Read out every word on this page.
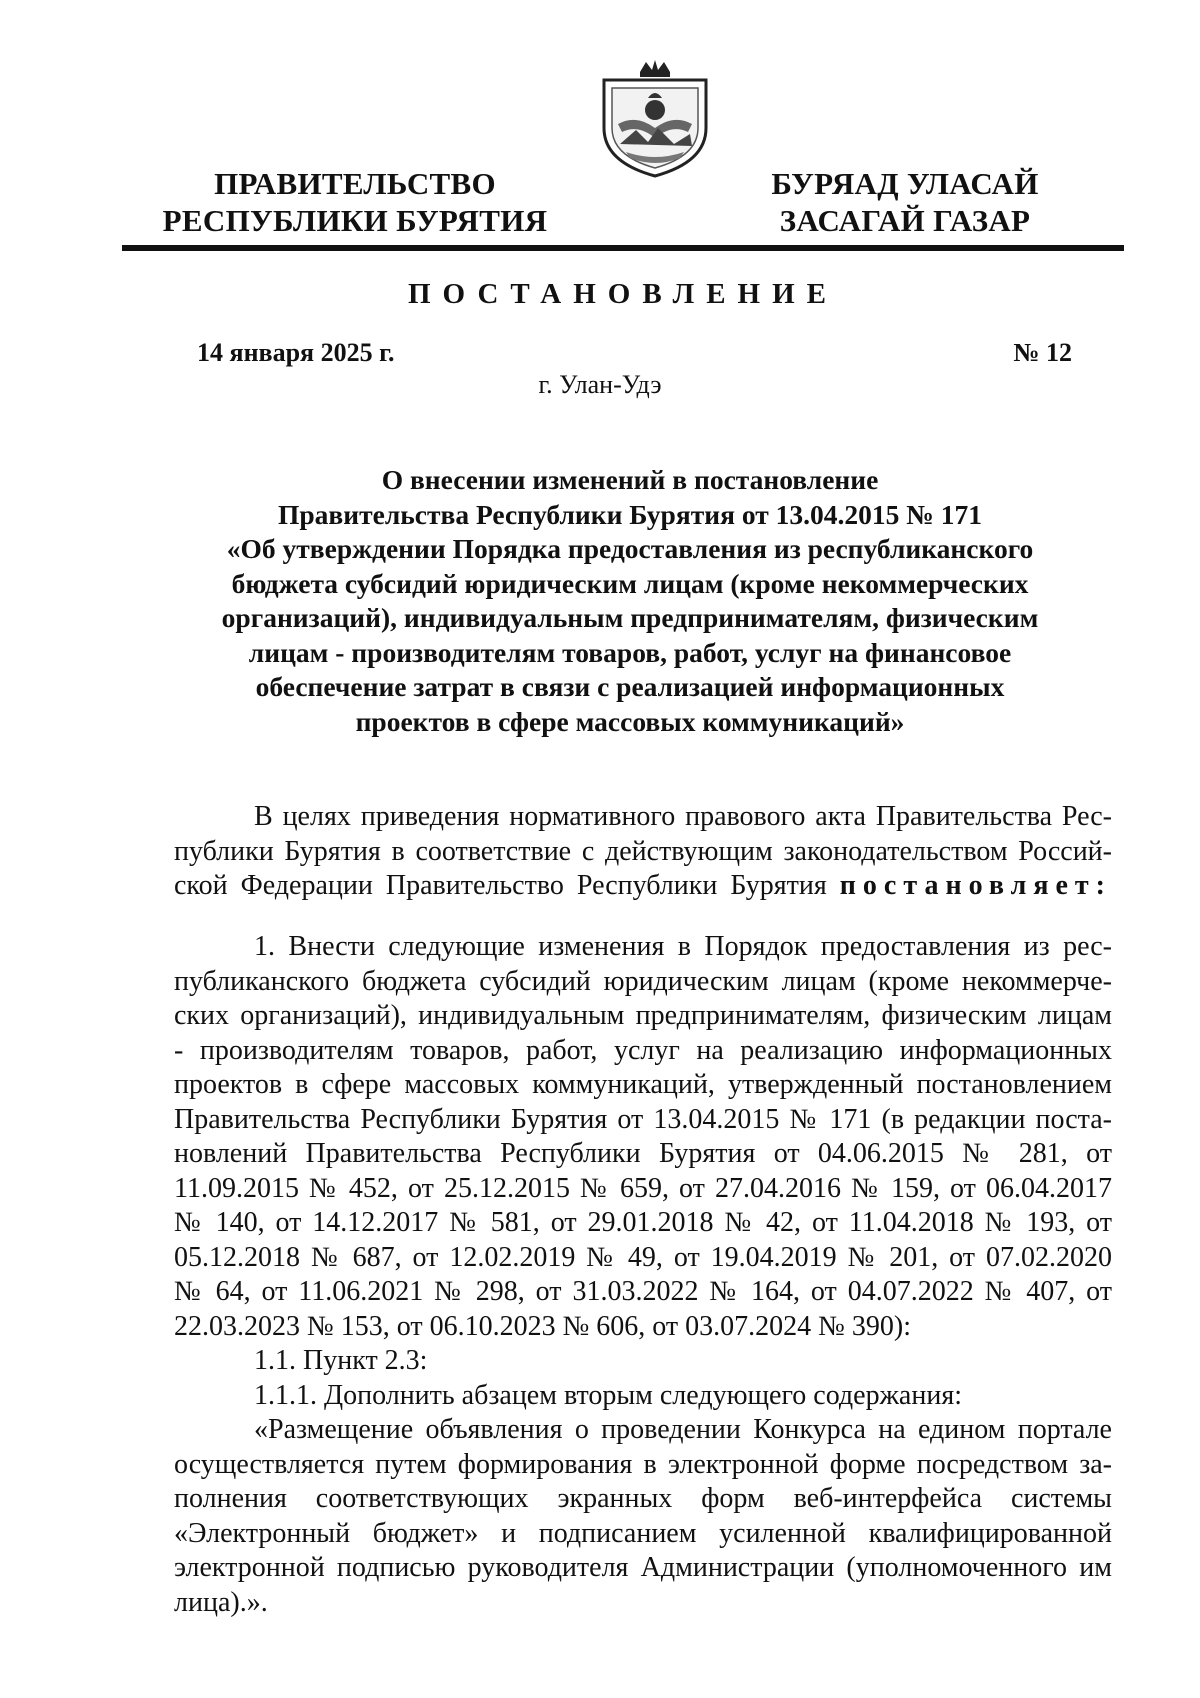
ПРАВИТЕЛЬСТВО
РЕСПУБЛИКИ БУРЯТИЯ
БУРЯАД УЛАСАЙ
ЗАСАГАЙ ГАЗАР
ПОСТАНОВЛЕНИЕ
14 января 2025 г.	№ 12
г. Улан-Удэ
О внесении изменений в постановление
Правительства Республики Бурятия от 13.04.2015 № 171
«Об утверждении Порядка предоставления из республиканского
бюджета субсидий юридическим лицам (кроме некоммерческих
организаций), индивидуальным предпринимателям, физическим
лицам - производителям товаров, работ, услуг на финансовое
обеспечение затрат в связи с реализацией информационных
проектов в сфере массовых коммуникаций»
В целях приведения нормативного правового акта Правительства Рес-
публики Бурятия в соответствие с действующим законодательством Россий-
ской Федерации Правительство Республики Бурятия постановляет:
1. Внести следующие изменения в Порядок предоставления из рес-
публиканского бюджета субсидий юридическим лицам (кроме некоммерче-
ских организаций), индивидуальным предпринимателям, физическим лицам
- производителям товаров, работ, услуг на реализацию информационных
проектов в сфере массовых коммуникаций, утвержденный постановлением
Правительства Республики Бурятия от 13.04.2015 № 171 (в редакции поста-
новлений Правительства Республики Бурятия от 04.06.2015 № 281, от
11.09.2015 № 452, от 25.12.2015 № 659, от 27.04.2016 № 159, от 06.04.2017
№ 140, от 14.12.2017 № 581, от 29.01.2018 № 42, от 11.04.2018 № 193, от
05.12.2018 № 687, от 12.02.2019 № 49, от 19.04.2019 № 201, от 07.02.2020
№ 64, от 11.06.2021 № 298, от 31.03.2022 № 164, от 04.07.2022 № 407, от
22.03.2023 № 153, от 06.10.2023 № 606, от 03.07.2024 № 390):
1.1. Пункт 2.3:
1.1.1. Дополнить абзацем вторым следующего содержания:
«Размещение объявления о проведении Конкурса на едином портале
осуществляется путем формирования в электронной форме посредством за-
полнения соответствующих экранных форм веб-интерфейса системы
«Электронный бюджет» и подписанием усиленной квалифицированной
электронной подписью руководителя Администрации (уполномоченного им
лица).».
